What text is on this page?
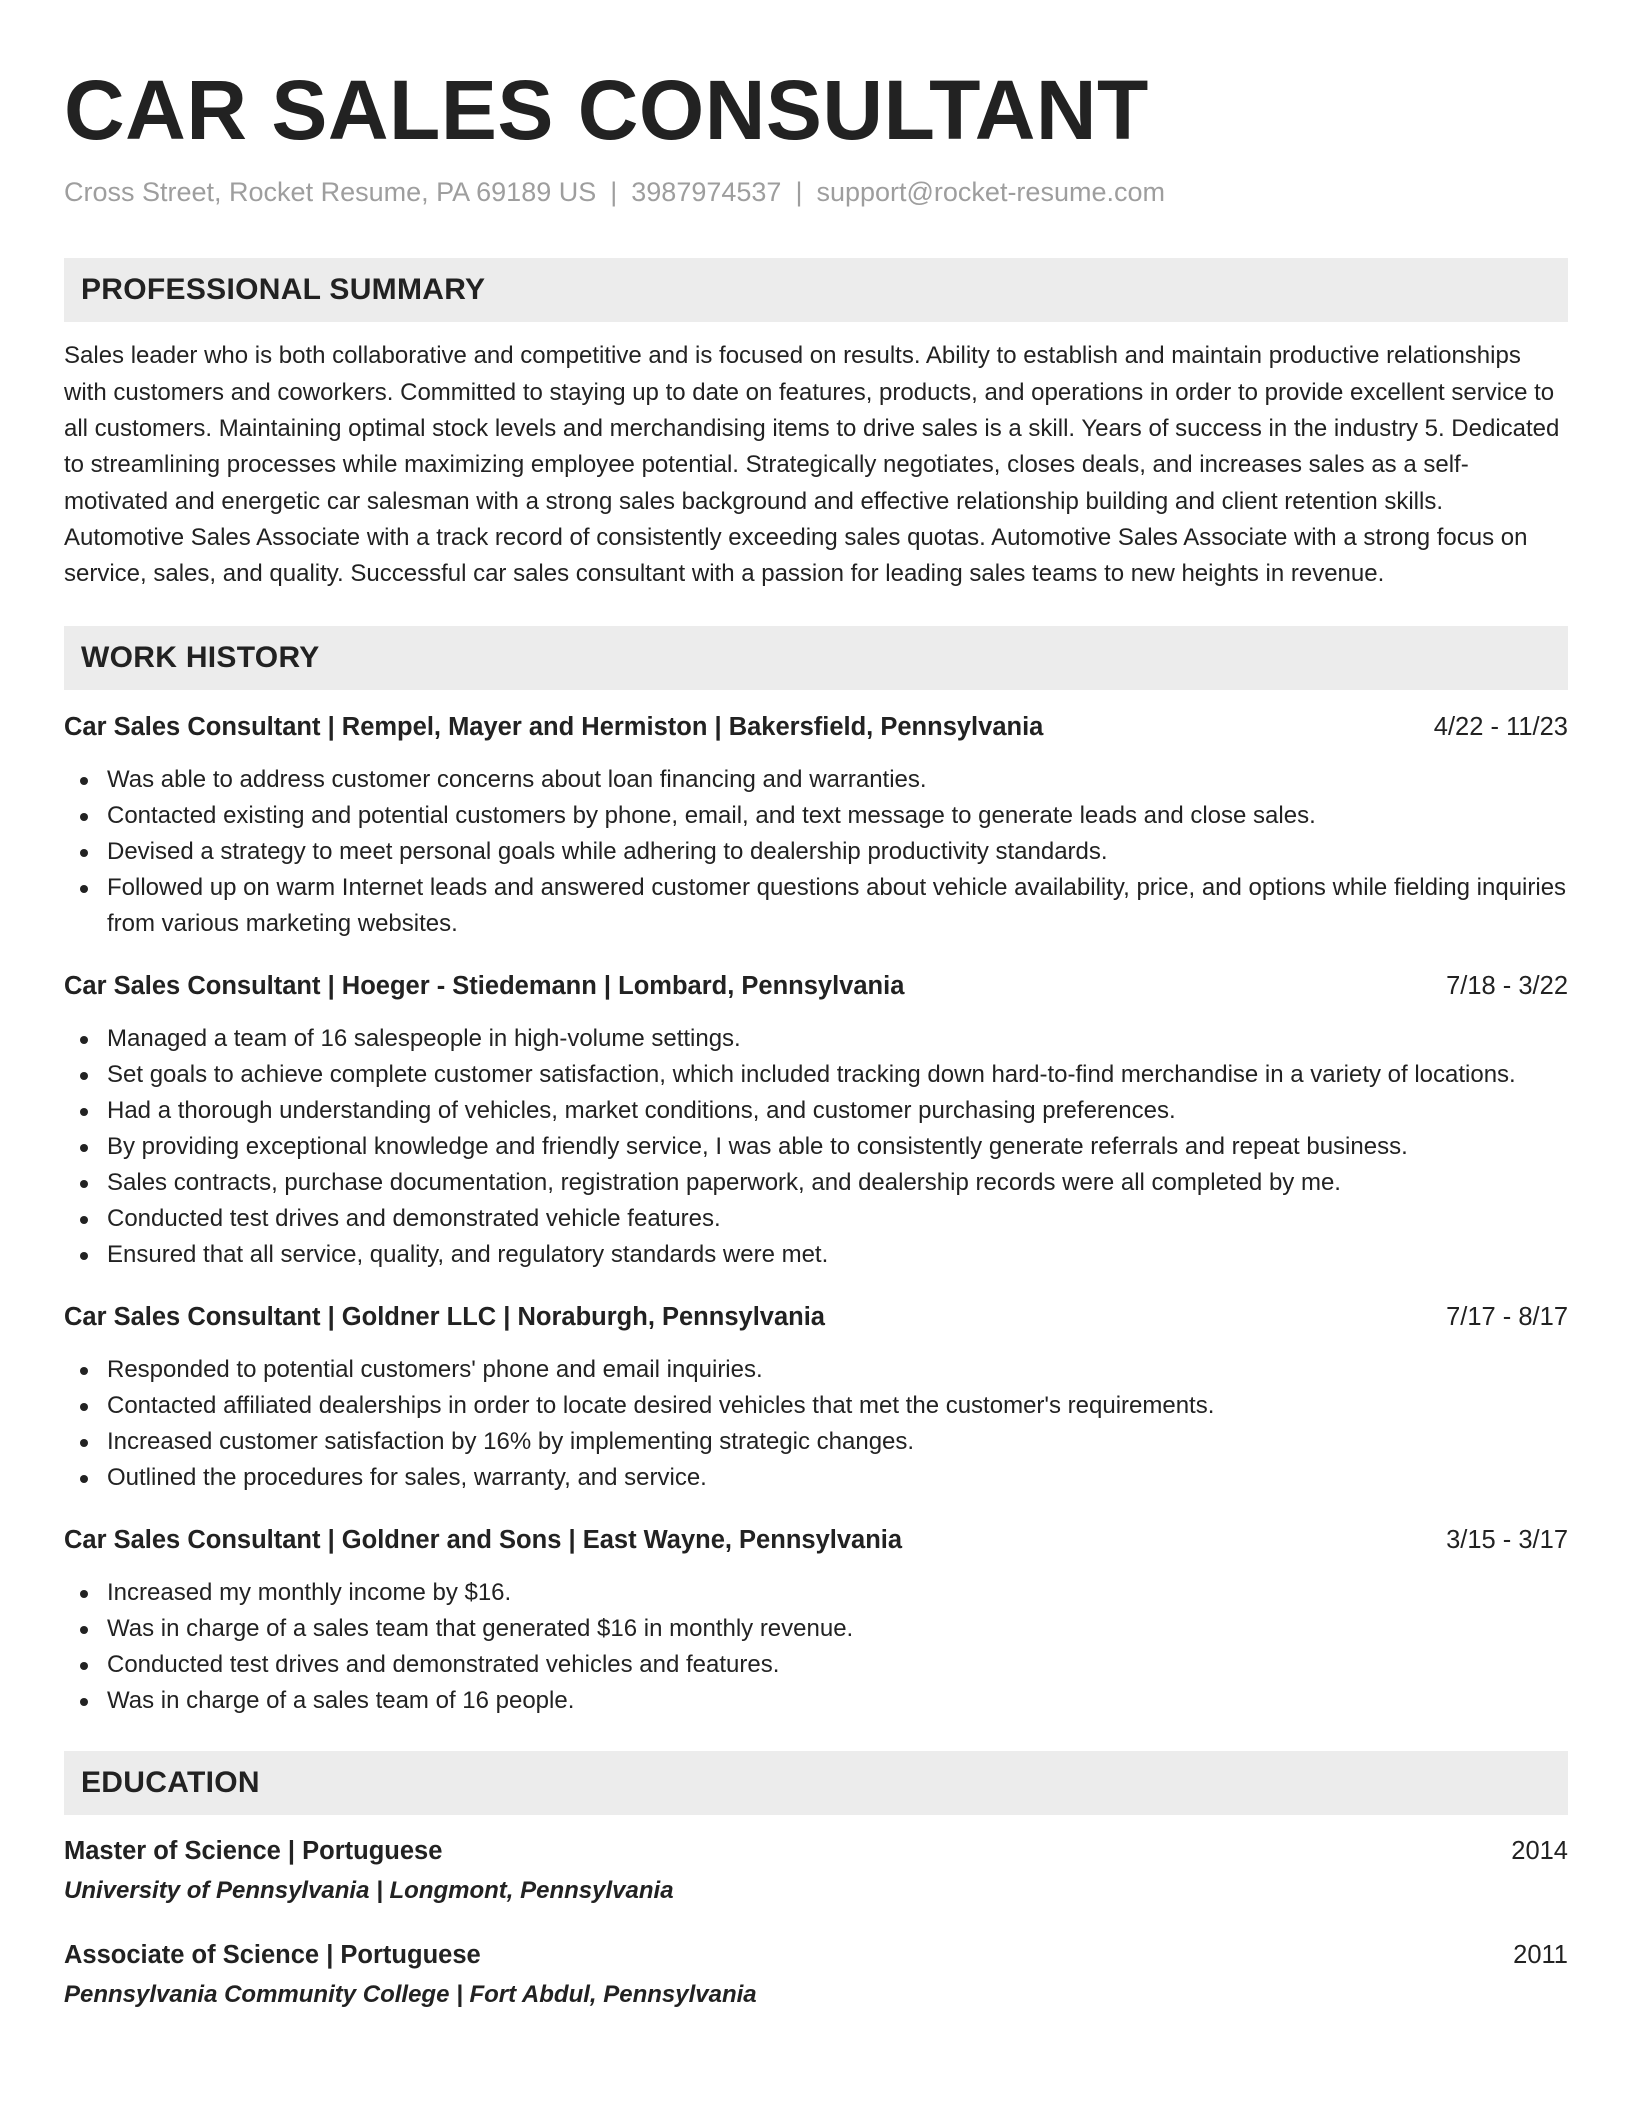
CAR SALES CONSULTANT
Cross Street, Rocket Resume, PA 69189 US | 3987974537 | support@rocket-resume.com
PROFESSIONAL SUMMARY
Sales leader who is both collaborative and competitive and is focused on results. Ability to establish and maintain productive relationships with customers and coworkers. Committed to staying up to date on features, products, and operations in order to provide excellent service to all customers. Maintaining optimal stock levels and merchandising items to drive sales is a skill. Years of success in the industry 5. Dedicated to streamlining processes while maximizing employee potential. Strategically negotiates, closes deals, and increases sales as a self-motivated and energetic car salesman with a strong sales background and effective relationship building and client retention skills. Automotive Sales Associate with a track record of consistently exceeding sales quotas. Automotive Sales Associate with a strong focus on service, sales, and quality. Successful car sales consultant with a passion for leading sales teams to new heights in revenue.
WORK HISTORY
Car Sales Consultant | Rempel, Mayer and Hermiston | Bakersfield, Pennsylvania	4/22 - 11/23
Was able to address customer concerns about loan financing and warranties.
Contacted existing and potential customers by phone, email, and text message to generate leads and close sales.
Devised a strategy to meet personal goals while adhering to dealership productivity standards.
Followed up on warm Internet leads and answered customer questions about vehicle availability, price, and options while fielding inquiries from various marketing websites.
Car Sales Consultant | Hoeger - Stiedemann | Lombard, Pennsylvania	7/18 - 3/22
Managed a team of 16 salespeople in high-volume settings.
Set goals to achieve complete customer satisfaction, which included tracking down hard-to-find merchandise in a variety of locations.
Had a thorough understanding of vehicles, market conditions, and customer purchasing preferences.
By providing exceptional knowledge and friendly service, I was able to consistently generate referrals and repeat business.
Sales contracts, purchase documentation, registration paperwork, and dealership records were all completed by me.
Conducted test drives and demonstrated vehicle features.
Ensured that all service, quality, and regulatory standards were met.
Car Sales Consultant | Goldner LLC | Noraburgh, Pennsylvania	7/17 - 8/17
Responded to potential customers' phone and email inquiries.
Contacted affiliated dealerships in order to locate desired vehicles that met the customer's requirements.
Increased customer satisfaction by 16% by implementing strategic changes.
Outlined the procedures for sales, warranty, and service.
Car Sales Consultant | Goldner and Sons | East Wayne, Pennsylvania	3/15 - 3/17
Increased my monthly income by $16.
Was in charge of a sales team that generated $16 in monthly revenue.
Conducted test drives and demonstrated vehicles and features.
Was in charge of a sales team of 16 people.
EDUCATION
Master of Science | Portuguese	2014
University of Pennsylvania | Longmont, Pennsylvania
Associate of Science | Portuguese	2011
Pennsylvania Community College | Fort Abdul, Pennsylvania
